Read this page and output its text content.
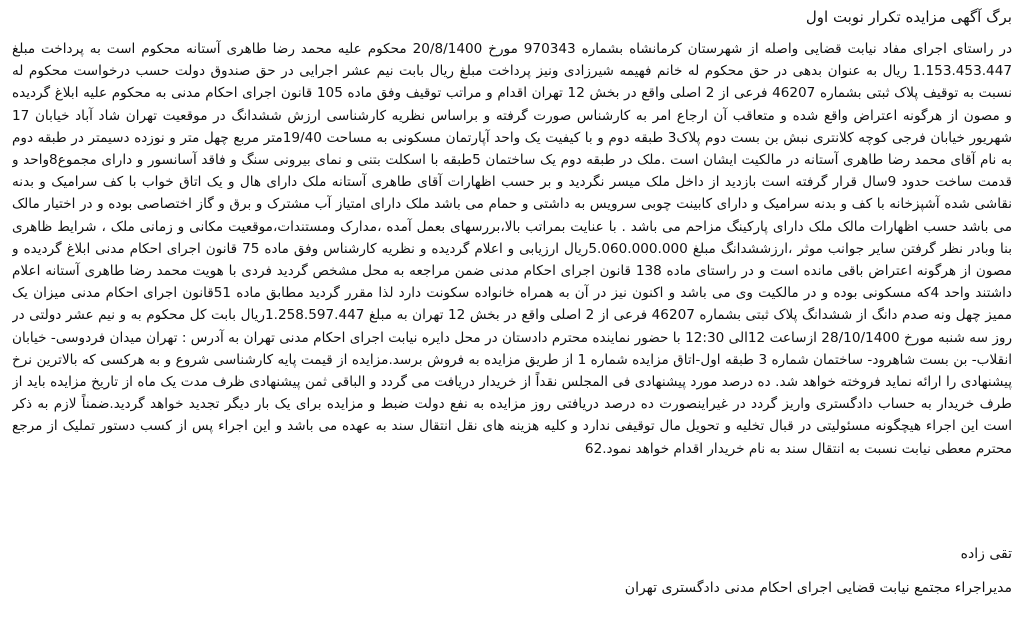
برگ آگهی مزایده تکرار نوبت اول

در راستای اجرای مفاد نیابت قضایی واصله از شهرستان کرمانشاه بشماره 970343 مورخ 20/8/1400 محکوم علیه محمد رضا طاهری آستانه محکوم است به پرداخت مبلغ 1.153.453.447 ریال به عنوان بدهی در حق محکوم له خانم فهیمه شیرزادی ونیز پرداخت مبلغ ریال بابت نیم عشر اجرایی در حق صندوق دولت حسب درخواست محکوم له نسبت به توقیف پلاک ثبتی بشماره 46207 فرعی از 2 اصلی واقع در بخش 12 تهران اقدام و مراتب توقیف وفق ماده 105 قانون اجرای احکام مدنی به محکوم علیه ابلاغ گردیده و مصون از هرگونه اعتراض واقع شده و متعاقب آن ارجاع امر به کارشناس صورت گرفته و براساس نظریه کارشناسی ارزش ششدانگ در موقعیت تهران شاد آباد خیابان 17 شهریور خیابان فرجی کوچه کلانتری نبش بن بست دوم پلاک3 طبقه دوم و با کیفیت یک واحد آپارتمان مسکونی به مساحت 19/40متر مربع چهل متر و نوزده دسیمتر در طبقه دوم به نام آقای محمد رضا طاهری آستانه در مالکیت ایشان است .ملک در طبقه دوم یک ساختمان 5طبقه با اسکلت بتنی و نمای بیرونی سنگ و فاقد آسانسور و دارای مجموع8واحد و قدمت ساخت حدود 9سال قرار گرفته است بازدید از داخل ملک میسر نگردید و بر حسب اظهارات آقای طاهری آستانه ملک دارای هال و یک اتاق خواب با کف سرامیک و بدنه نقاشی شده آشپزخانه با کف و بدنه سرامیک و دارای کابینت چوبی سرویس به داشتی و حمام می باشد ملک دارای امتیاز آب مشترک و برق و گاز اختصاصی بوده و در اختیار مالک می باشد حسب اظهارات مالک ملک دارای پارکینگ مزاحم می باشد . با عنایت بمراتب بالا،بررسهای بعمل آمده ،مدارک ومستندات،موقعیت مکانی و زمانی ملک ، شرایط ظاهری بنا وبادر نظر گرفتن سایر جوانب موثر ،ارزششدانگ مبلغ 5.060.000.000ریال ارزیابی و اعلام گردیده و نظریه کارشناس وفق ماده 75 قانون اجرای احکام مدنی ابلاغ گردیده و مصون از هرگونه اعتراض باقی مانده است و در راستای ماده 138 قانون اجرای احکام مدنی ضمن مراجعه به محل مشخص گردید فردی با هویت محمد رضا طاهری آستانه اعلام داشتند واحد 4که مسکونی بوده و در مالکیت وی می باشد و اکنون نیز در آن به همراه خانواده سکونت دارد لذا مقرر گردید مطابق ماده 51قانون اجرای احکام مدنی میزان یک ممیز چهل ونه صدم دانگ از ششدانگ پلاک ثبتی بشماره 46207 فرعی از 2 اصلی واقع در بخش 12 تهران به مبلغ 1.258.597.447ریال بابت کل محکوم به و نیم عشر دولتی در روز سه شنبه مورخ 28/10/1400 ازساعت 12الی 12:30 با حضور نماینده محترم دادستان در محل دایره نیابت اجرای احکام مدنی تهران به آدرس : تهران میدان فردوسی- خیابان انقلاب- بن بست شاهرود- ساختمان شماره 3 طبقه اول-اتاق مزایده شماره 1 از طریق مزایده به فروش برسد.مزایده از قیمت پایه کارشناسی شروع و به هرکسی که بالاترین نرخ پیشنهادی را ارائه نماید فروخته خواهد شد. ده درصد مورد پیشنهادی فی المجلس نقداً از خریدار دریافت می گردد و الباقی ثمن پیشنهادی ظرف مدت یک ماه از تاریخ مزایده باید از طرف خریدار به حساب دادگستری واریز گردد در غیراینصورت ده درصد دریافتی روز مزایده به نفع دولت ضبط و مزایده برای یک بار دیگر تجدید خواهد گردید.ضمناً لازم به ذکر است این اجراء هیچگونه مسئولیتی در قبال تخلیه و تحویل مال توقیفی ندارد و کلیه هزینه های نقل انتقال سند به عهده می باشد و این اجراء پس از کسب دستور تملیک از مرجع محترم معطی نیابت نسبت به انتقال سند به نام خریدار اقدام خواهد نمود.62

تقی زاده
مدیراجراء مجتمع نیابت قضایی اجرای احکام مدنی دادگستری تهران
